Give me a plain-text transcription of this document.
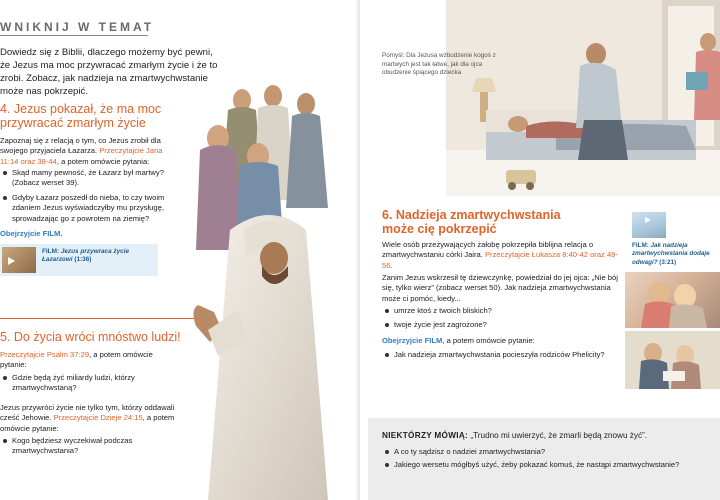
WNIKNIJ W TEMAT

Dowiedz się z Biblii, dlaczego możemy być pewni, że Jezus ma moc przywracać zmarłym życie i że to zrobi. Zobacz, jak nadzieja na zmartwychwstanie może nas pokrzepić.

4. Jezus pokazał, że ma moc przywracać zmarłym życie

Zapoznaj się z relacją o tym, co Jezus zrobił dla swojego przyjaciela Łazarza. Przeczytajcie Jana 11:14 oraz 38-44, a potem omówcie pytania:

Skąd mamy pewność, że Łazarz był martwy? (Zobacz werset 39).
Gdyby Łazarz poszedł do nieba, to czy twoim zdaniem Jezus wyświadczyłby mu przysługę, sprowadzając go z powrotem na ziemię?
Obejrzyjcie FILM.
FILM: Jezus przywraca życie Łazarzowi (1:36)
5. Do życia wróci mnóstwo ludzi!

Przeczytajcie Psalm 37:29, a potem omówcie pytanie:

Gdzie będą żyć miliardy ludzi, którzy zmartwychwstaną?

Jezus przywróci życie nie tylko tym, którzy oddawali cześć Jehowie. Przeczytajcie Dzieje 24:15, a potem omówcie pytanie:

Kogo będziesz wyczekiwał podczas zmartwychwstania?

Pomyśl: Dla Jezusa wzbudzenie kogoś z martwych jest tak łatwe, jak dla ojca obudzenie śpiącego dziecka

6. Nadzieja zmartwychwstania może cię pokrzepić

Wiele osób przeżywających żałobę pokrzepiła biblijna relacja o zmartwychwstaniu córki Jaira. Przeczytajcie Łukasza 8:40-42 oraz 49-56.

Zanim Jezus wskrzesił tę dziewczynkę, powiedział do jej ojca: „Nie bój się, tylko wierz” (zobacz werset 50). Jak nadzieja zmartwychwstania może ci pomóc, kiedy...

umrze ktoś z twoich bliskich?
twoje życie jest zagrożone?

Obejrzyjcie FILM, a potem omówcie pytanie:

Jak nadzieja zmartwychwstania pocieszyła rodziców Phelicity?
FILM: Jak nadzieja zmartwychwstania dodaje odwagi? (3:21)
NIEKTÓRZY MÓWIĄ: „Trudno mi uwierzyć, że zmarli będą znowu żyć”.
A co ty sądzisz o nadziei zmartwychwstania?
Jakiego wersetu mógłbyś użyć, żeby pokazać komuś, że nastąpi zmartwychwstanie?
